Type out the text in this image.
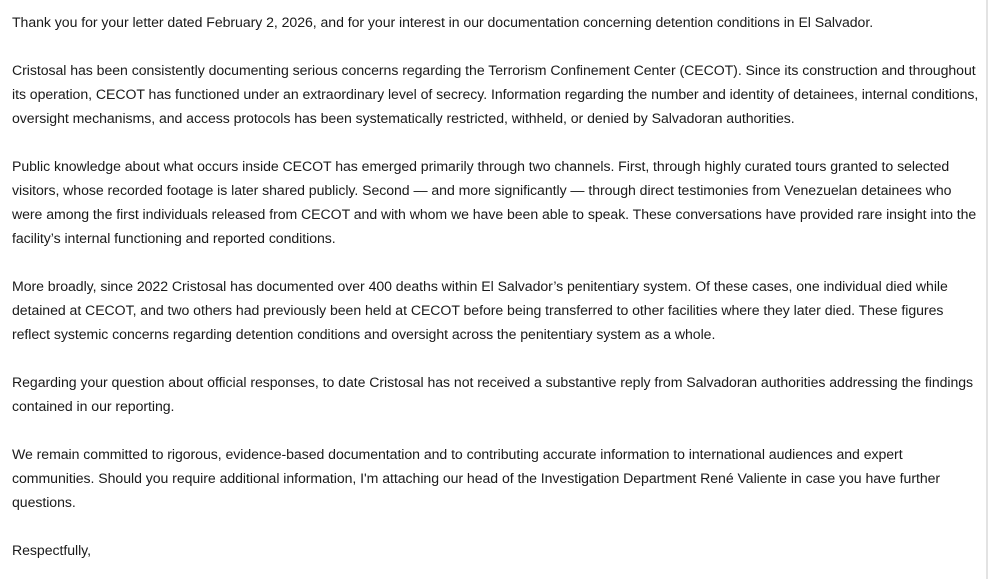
Thank you for your letter dated February 2, 2026, and for your interest in our documentation concerning detention conditions in El Salvador.

Cristosal has been consistently documenting serious concerns regarding the Terrorism Confinement Center (CECOT). Since its construction and throughout its operation, CECOT has functioned under an extraordinary level of secrecy. Information regarding the number and identity of detainees, internal conditions, oversight mechanisms, and access protocols has been systematically restricted, withheld, or denied by Salvadoran authorities.

Public knowledge about what occurs inside CECOT has emerged primarily through two channels. First, through highly curated tours granted to selected visitors, whose recorded footage is later shared publicly. Second — and more significantly — through direct testimonies from Venezuelan detainees who were among the first individuals released from CECOT and with whom we have been able to speak. These conversations have provided rare insight into the facility’s internal functioning and reported conditions.

More broadly, since 2022 Cristosal has documented over 400 deaths within El Salvador’s penitentiary system. Of these cases, one individual died while detained at CECOT, and two others had previously been held at CECOT before being transferred to other facilities where they later died. These figures reflect systemic concerns regarding detention conditions and oversight across the penitentiary system as a whole.

Regarding your question about official responses, to date Cristosal has not received a substantive reply from Salvadoran authorities addressing the findings contained in our reporting.

We remain committed to rigorous, evidence-based documentation and to contributing accurate information to international audiences and expert communities. Should you require additional information, I'm attaching our head of the Investigation Department René Valiente in case you have further questions.

Respectfully,
